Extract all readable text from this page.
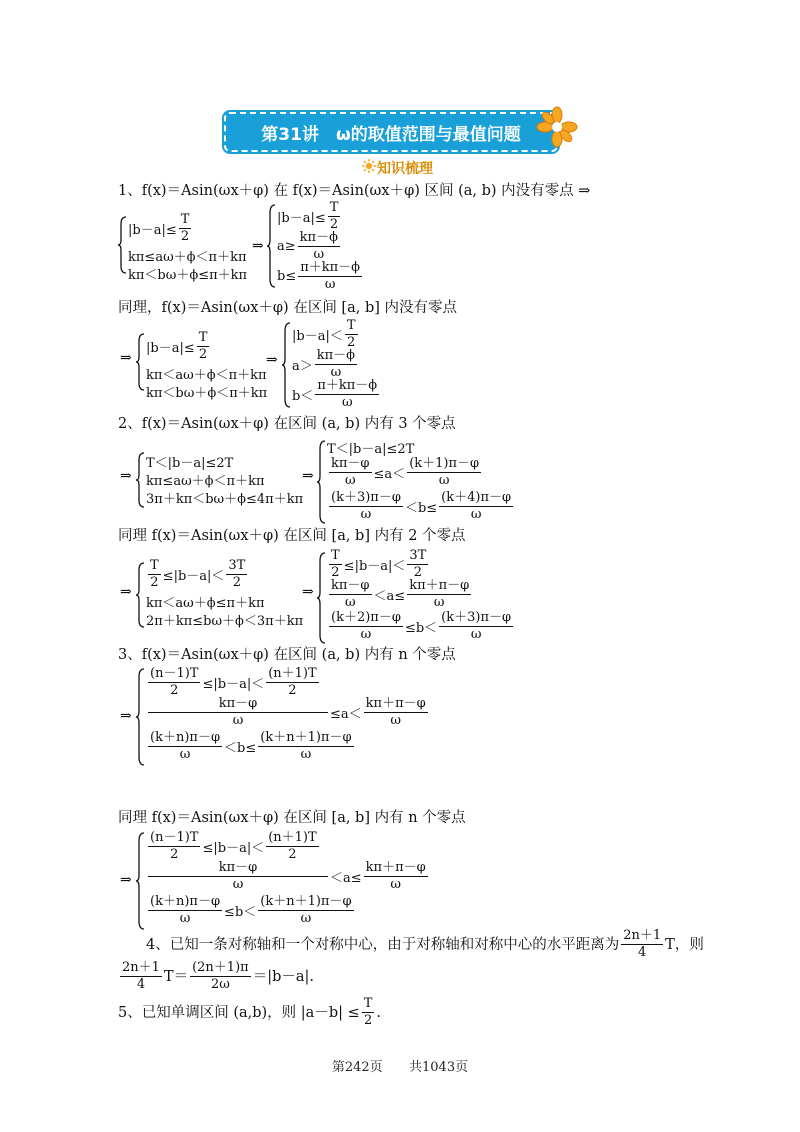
第31讲　ω的取值范围与最值问题
知识梳理
1、f(x)＝Asin(ωx＋φ) 在 f(x)＝Asin(ωx＋φ) 区间 (a, b) 内没有零点 ⇒
$|b-a|\le \frac{T}{2}$
kπ≤aω＋ϕ＜π＋kπ
kπ＜bω＋ϕ≤π＋kπ
⇒
$|b-a|\le \frac{T}{2}$
$a\ge \frac{k\pi-\phi}{\omega}$
$b\le \frac{\pi+k\pi-\phi}{\omega}$
同理，f(x)＝Asin(ωx＋φ) 在区间 [a, b] 内没有零点
⇒
$|b-a|\le \frac{T}{2}$
kπ＜aω＋ϕ＜π＋kπ
kπ＜bω＋ϕ＜π＋kπ
⇒
$|b-a|< \frac{T}{2}$
$a> \frac{k\pi-\phi}{\omega}$
$b< \frac{\pi+k\pi-\phi}{\omega}$
2、f(x)＝Asin(ωx＋φ) 在区间 (a, b) 内有 3 个零点
⇒
T＜|b－a|≤2T
kπ≤aω＋ϕ＜π＋kπ
3π＋kπ＜bω＋ϕ≤4π＋kπ
⇒
T＜|b－a|≤2T
$\frac{k\pi-\varphi}{\omega} \le a< \frac{(k+1)\pi-\varphi}{\omega}$
$\frac{(k+3)\pi-\varphi}{\omega} <b\le \frac{(k+4)\pi-\varphi}{\omega}$
同理 f(x)＝Asin(ωx＋φ) 在区间 [a, b] 内有 2 个零点
⇒
$\frac{T}{2} \le|b-a|< \frac{3T}{2}$
kπ＜aω＋ϕ≤π＋kπ
2π＋kπ≤bω＋ϕ＜3π＋kπ
⇒
$\frac{T}{2} \le|b-a|< \frac{3T}{2}$
$\frac{k\pi-\varphi}{\omega} <a\le \frac{k\pi+\pi-\varphi}{\omega}$
$\frac{(k+2)\pi-\varphi}{\omega} \le b< \frac{(k+3)\pi-\varphi}{\omega}$
3、f(x)＝Asin(ωx＋φ) 在区间 (a, b) 内有 n 个零点
⇒
$\frac{(n-1)T}{2} \le|b-a|< \frac{(n+1)T}{2}$
$\frac{k\pi-\varphi}{\omega} \le a< \frac{k\pi+\pi-\varphi}{\omega}$
$\frac{(k+n)\pi-\varphi}{\omega} <b\le \frac{(k+n+1)\pi-\varphi}{\omega}$
同理 f(x)＝Asin(ωx＋φ) 在区间 [a, b] 内有 n 个零点
⇒
$\frac{(n-1)T}{2} \le|b-a|< \frac{(n+1)T}{2}$
$\frac{k\pi-\varphi}{\omega} <a\le \frac{k\pi+\pi-\varphi}{\omega}$
$\frac{(k+n)\pi-\varphi}{\omega} \le b< \frac{(k+n+1)\pi-\varphi}{\omega}$
4、已知一条对称轴和一个对称中心，由于对称轴和对称中心的水平距离为 $\frac{2n+1}{4}$ T，则
$\frac{2n+1}{4} T= \frac{(2n+1)\pi}{2\omega} =|b-a|$.
5、已知单调区间 (a,b)，则 $|a-b| \le \frac{T}{2}$ .
第242页 共1043页
